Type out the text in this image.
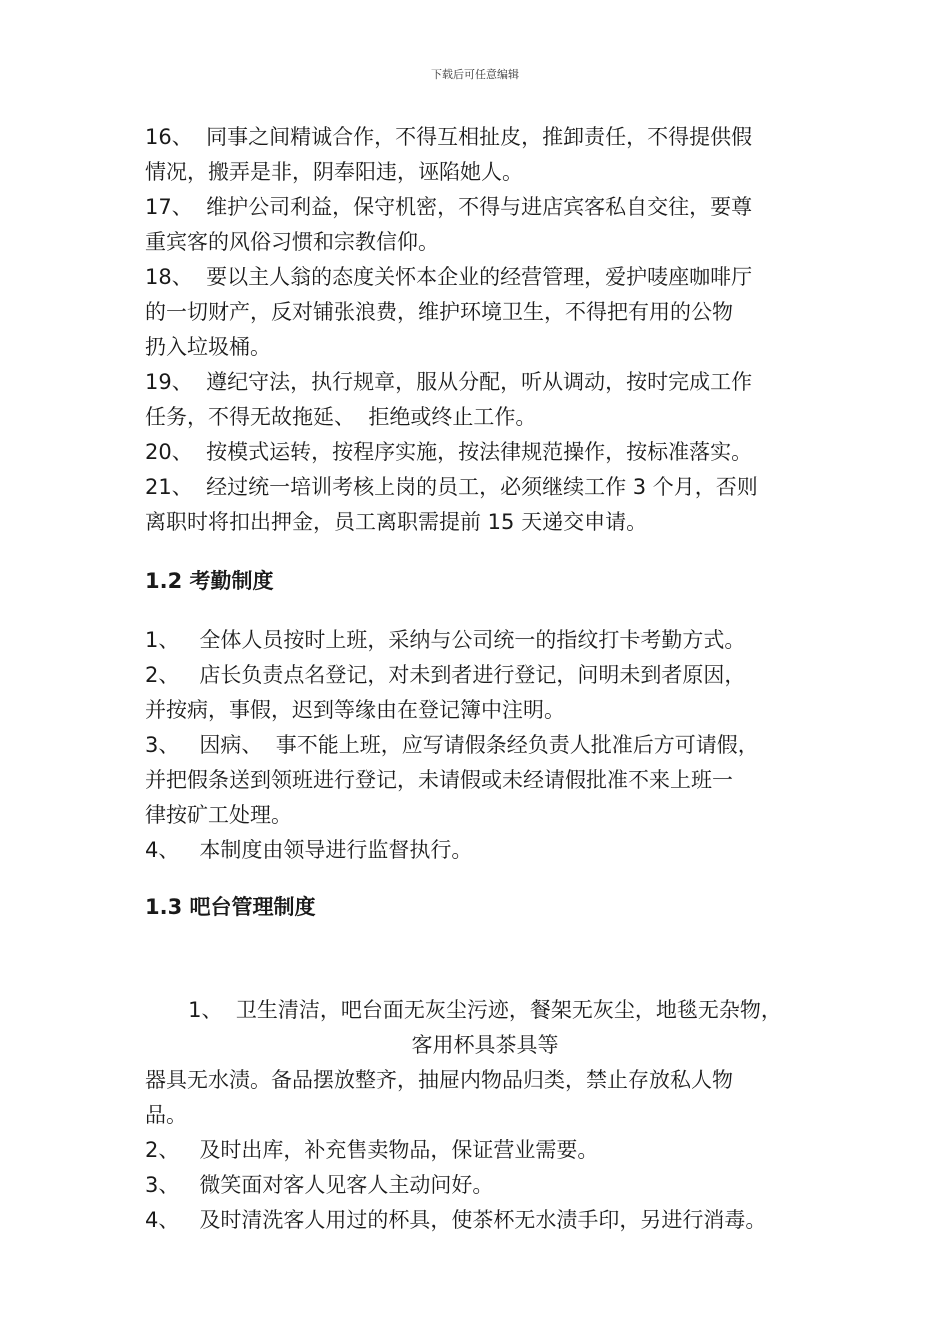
下载后可任意编辑

16、  同事之间精诚合作，不得互相扯皮，推卸责任，不得提供假

情况，搬弄是非，阴奉阳违，诬陷她人。

17、  维护公司利益，保守机密，不得与进店宾客私自交往，要尊

重宾客的风俗习惯和宗教信仰。

18、  要以主人翁的态度关怀本企业的经营管理，爱护唛座咖啡厅

的一切财产，反对铺张浪费，维护环境卫生，不得把有用的公物

扔入垃圾桶。

19、  遵纪守法，执行规章，服从分配，听从调动，按时完成工作

任务，不得无故拖延、  拒绝或终止工作。

20、  按模式运转，按程序实施，按法律规范操作，按标准落实。

21、  经过统一培训考核上岗的员工，必须继续工作 3 个月，否则

离职时将扣出押金，员工离职需提前 15 天递交申请。

1.2 考勤制度

1、   全体人员按时上班，采纳与公司统一的指纹打卡考勤方式。

2、   店长负责点名登记，对未到者进行登记，问明未到者原因，

并按病，事假，迟到等缘由在登记簿中注明。

3、   因病、  事不能上班，应写请假条经负责人批准后方可请假，

并把假条送到领班进行登记，未请假或未经请假批准不来上班一

律按矿工处理。

4、   本制度由领导进行监督执行。

1.3 吧台管理制度

1、  卫生清洁，吧台面无灰尘污迹，餐架无灰尘，地毯无杂物，

客用杯具茶具等

器具无水渍。备品摆放整齐，抽屉内物品归类，禁止存放私人物

品。

2、   及时出库，补充售卖物品，保证营业需要。

3、   微笑面对客人见客人主动问好。

4、   及时清洗客人用过的杯具，使茶杯无水渍手印，另进行消毒。
